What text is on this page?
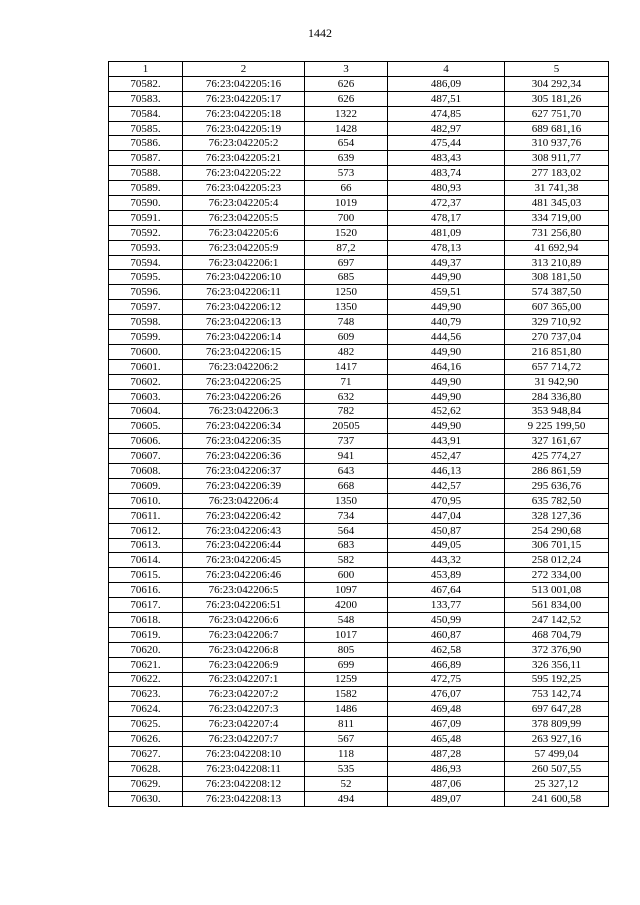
1442
1	2	3	4	5
70582.	76:23:042205:16	626	486,09	304 292,34
70583.	76:23:042205:17	626	487,51	305 181,26
70584.	76:23:042205:18	1322	474,85	627 751,70
70585.	76:23:042205:19	1428	482,97	689 681,16
70586.	76:23:042205:2	654	475,44	310 937,76
70587.	76:23:042205:21	639	483,43	308 911,77
70588.	76:23:042205:22	573	483,74	277 183,02
70589.	76:23:042205:23	66	480,93	31 741,38
70590.	76:23:042205:4	1019	472,37	481 345,03
70591.	76:23:042205:5	700	478,17	334 719,00
70592.	76:23:042205:6	1520	481,09	731 256,80
70593.	76:23:042205:9	87,2	478,13	41 692,94
70594.	76:23:042206:1	697	449,37	313 210,89
70595.	76:23:042206:10	685	449,90	308 181,50
70596.	76:23:042206:11	1250	459,51	574 387,50
70597.	76:23:042206:12	1350	449,90	607 365,00
70598.	76:23:042206:13	748	440,79	329 710,92
70599.	76:23:042206:14	609	444,56	270 737,04
70600.	76:23:042206:15	482	449,90	216 851,80
70601.	76:23:042206:2	1417	464,16	657 714,72
70602.	76:23:042206:25	71	449,90	31 942,90
70603.	76:23:042206:26	632	449,90	284 336,80
70604.	76:23:042206:3	782	452,62	353 948,84
70605.	76:23:042206:34	20505	449,90	9 225 199,50
70606.	76:23:042206:35	737	443,91	327 161,67
70607.	76:23:042206:36	941	452,47	425 774,27
70608.	76:23:042206:37	643	446,13	286 861,59
70609.	76:23:042206:39	668	442,57	295 636,76
70610.	76:23:042206:4	1350	470,95	635 782,50
70611.	76:23:042206:42	734	447,04	328 127,36
70612.	76:23:042206:43	564	450,87	254 290,68
70613.	76:23:042206:44	683	449,05	306 701,15
70614.	76:23:042206:45	582	443,32	258 012,24
70615.	76:23:042206:46	600	453,89	272 334,00
70616.	76:23:042206:5	1097	467,64	513 001,08
70617.	76:23:042206:51	4200	133,77	561 834,00
70618.	76:23:042206:6	548	450,99	247 142,52
70619.	76:23:042206:7	1017	460,87	468 704,79
70620.	76:23:042206:8	805	462,58	372 376,90
70621.	76:23:042206:9	699	466,89	326 356,11
70622.	76:23:042207:1	1259	472,75	595 192,25
70623.	76:23:042207:2	1582	476,07	753 142,74
70624.	76:23:042207:3	1486	469,48	697 647,28
70625.	76:23:042207:4	811	467,09	378 809,99
70626.	76:23:042207:7	567	465,48	263 927,16
70627.	76:23:042208:10	118	487,28	57 499,04
70628.	76:23:042208:11	535	486,93	260 507,55
70629.	76:23:042208:12	52	487,06	25 327,12
70630.	76:23:042208:13	494	489,07	241 600,58
